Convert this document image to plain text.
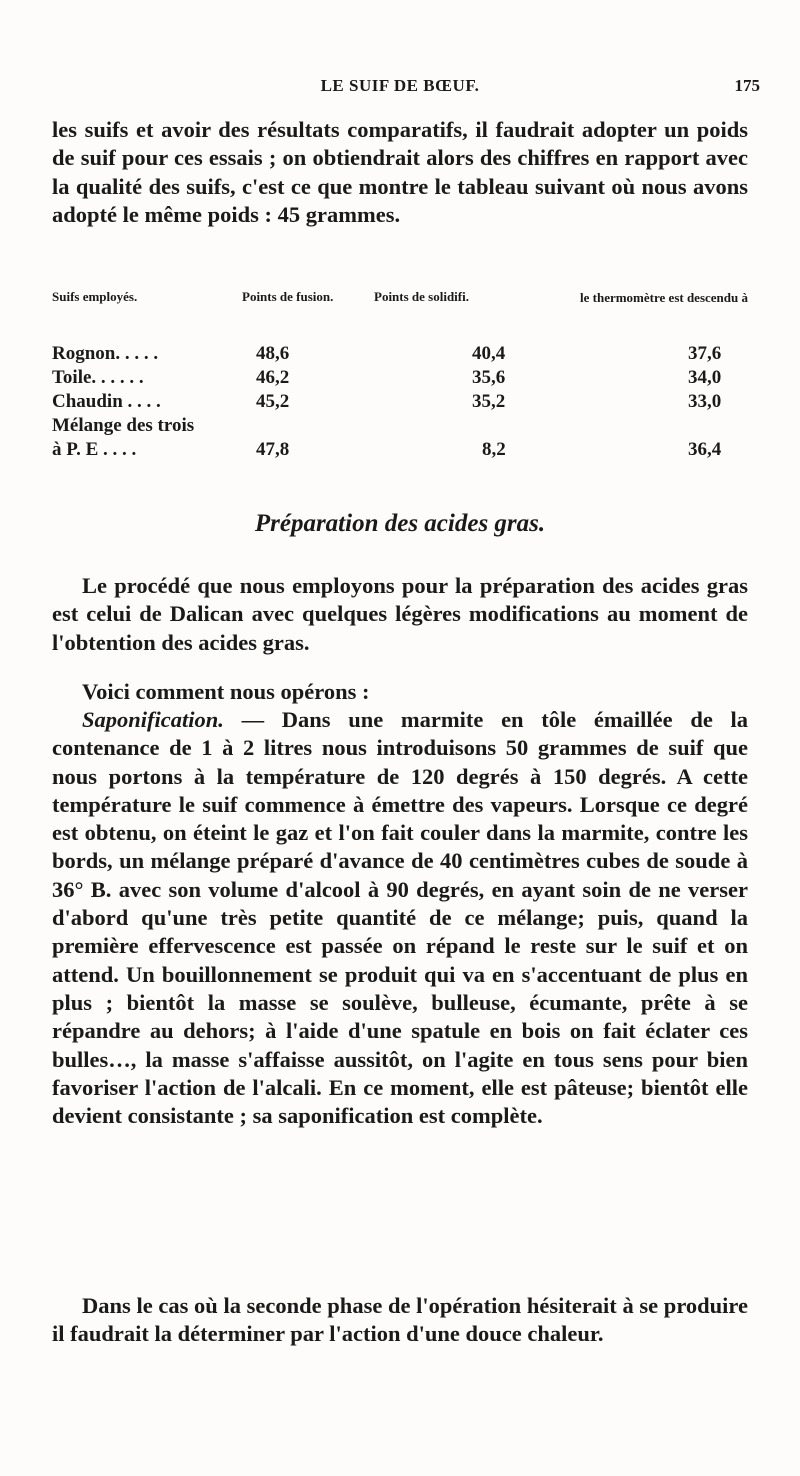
LE SUIF DE BŒUF.	175
les suifs et avoir des résultats comparatifs, il faudrait adopter un poids de suif pour ces essais ; on obtiendrait alors des chiffres en rapport avec la qualité des suifs, c'est ce que montre le tableau suivant où nous avons adopté le même poids : 45 grammes.
Suifs employés.	Points de fusion.	Points de solidifi.	le thermomètre est descendu à
Rognon. . . . .	48,6	40,4	37,6
Toile. . . . . .	46,2	35,6	34,0
Chaudin . . . .	45,2	35,2	33,0
Mélange des trois
à P. E . . . .	47,8	8,2	36,4
Préparation des acides gras.
Le procédé que nous employons pour la préparation des acides gras est celui de Dalican avec quelques légères modifications au moment de l'obtention des acides gras.
Voici comment nous opérons :
Saponification. — Dans une marmite en tôle émaillée de la contenance de 1 à 2 litres nous introduisons 50 grammes de suif que nous portons à la température de 120 degrés à 150 degrés. A cette température le suif commence à émettre des vapeurs. Lorsque ce degré est obtenu, on éteint le gaz et l'on fait couler dans la marmite, contre les bords, un mélange préparé d'avance de 40 centimètres cubes de soude à 36° B. avec son volume d'alcool à 90 degrés, en ayant soin de ne verser d'abord qu'une très petite quantité de ce mélange; puis, quand la première effervescence est passée on répand le reste sur le suif et on attend. Un bouillonnement se produit qui va en s'accentuant de plus en plus ; bientôt la masse se soulève, bulleuse, écumante, prête à se répandre au dehors; à l'aide d'une spatule en bois on fait éclater ces bulles…, la masse s'affaisse aussitôt, on l'agite en tous sens pour bien favoriser l'action de l'alcali. En ce moment, elle est pâteuse; bientôt elle devient consistante ; sa saponification est complète.
Dans le cas où la seconde phase de l'opération hésiterait à se produire il faudrait la déterminer par l'action d'une douce chaleur.
